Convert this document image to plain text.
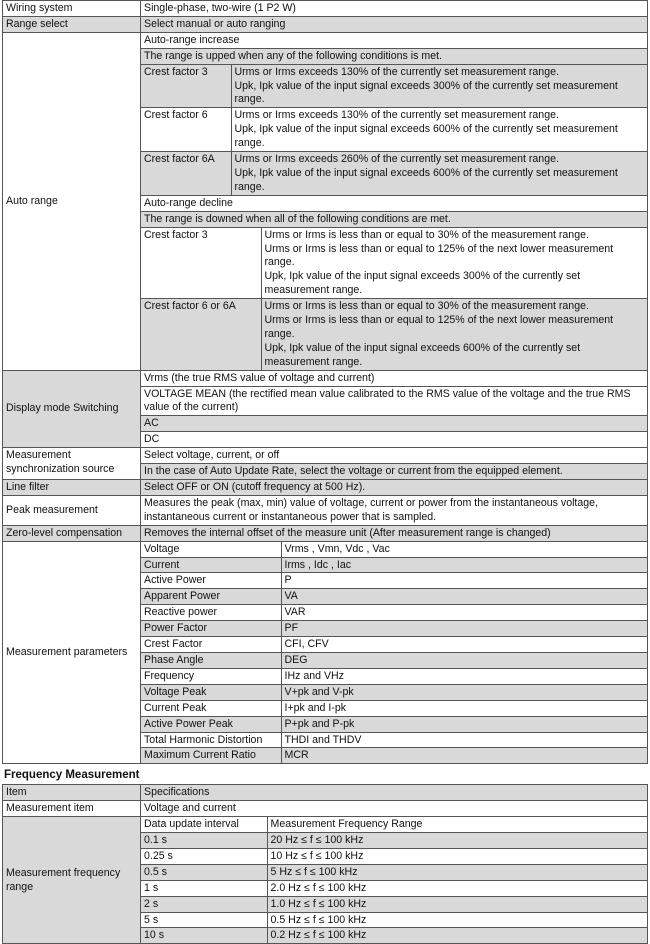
Wiring system	Single-phase, two-wire (1 P2 W)
Range select	Select manual or auto ranging
Auto range	
Auto-range increase
The range is upped when any of the following conditions is met.
Crest factor 3	Urms or Irms exceeds 130% of the currently set measurement range.
Upk, Ipk value of the input signal exceeds 300% of the currently set measurement range.

Crest factor 6	Urms or Irms exceeds 130% of the currently set measurement range.
Upk, Ipk value of the input signal exceeds 600% of the currently set measurement range.

Crest factor 6A	Urms or Irms exceeds 260% of the currently set measurement range.
Upk, Ipk value of the input signal exceeds 600% of the currently set measurement range.

Auto-range decline
The range is downed when all of the following conditions are met.

Crest factor 3	Urms or Irms is less than or equal to 30% of the measurement range.
Urms or Irms is less than or equal to 125% of the next lower measurement range.
Upk, Ipk value of the input signal exceeds 300% of the currently set measurement range.

Crest factor 6 or 6A	Urms or Irms is less than or equal to 30% of the measurement range.
Urms or Irms is less than or equal to 125% of the next lower measurement range.
Upk, Ipk value of the input signal exceeds 600% of the currently set measurement range.

Display mode Switching	
Vrms (the true RMS value of voltage and current)
VOLTAGE MEAN (the rectified mean value calibrated to the RMS value of the voltage and the true RMS value of the current)
AC
DC

Measurement synchronization source	
Select voltage, current, or off
In the case of Auto Update Rate, select the voltage or current from the equipped element.

Line filter	Select OFF or ON (cutoff frequency at 500 Hz).
Peak measurement	Measures the peak (max, min) value of voltage, current or power from the instantaneous voltage, instantaneous current or instantaneous power that is sampled.
Zero-level compensation	Removes the internal offset of the measure unit (After measurement range is changed)
Measurement parameters	
Voltage	Vrms , Vmn, Vdc , Vac
Current	Irms , Idc , Iac
Active Power	P
Apparent Power	VA
Reactive power	VAR
Power Factor	PF
Crest Factor	CFI, CFV
Phase Angle	DEG
Frequency	IHz and VHz
Voltage Peak	V+pk and V-pk
Current Peak	I+pk and I-pk
Active Power Peak	P+pk and P-pk
Total Harmonic Distortion	THDI and THDV
Maximum Current Ratio	MCR
Frequency Measurement
Item	Specifications
Measurement item	Voltage and current
Measurement frequency range	
Data update interval	Measurement Frequency Range
0.1 s	20 Hz ≤ f ≤ 100 kHz
0.25 s	10 Hz ≤ f ≤ 100 kHz
0.5 s	5 Hz ≤ f ≤ 100 kHz
1 s	2.0 Hz ≤ f ≤ 100 kHz
2 s	1.0 Hz ≤ f ≤ 100 kHz
5 s	0.5 Hz ≤ f ≤ 100 kHz
10 s	0.2 Hz ≤ f ≤ 100 kHz
